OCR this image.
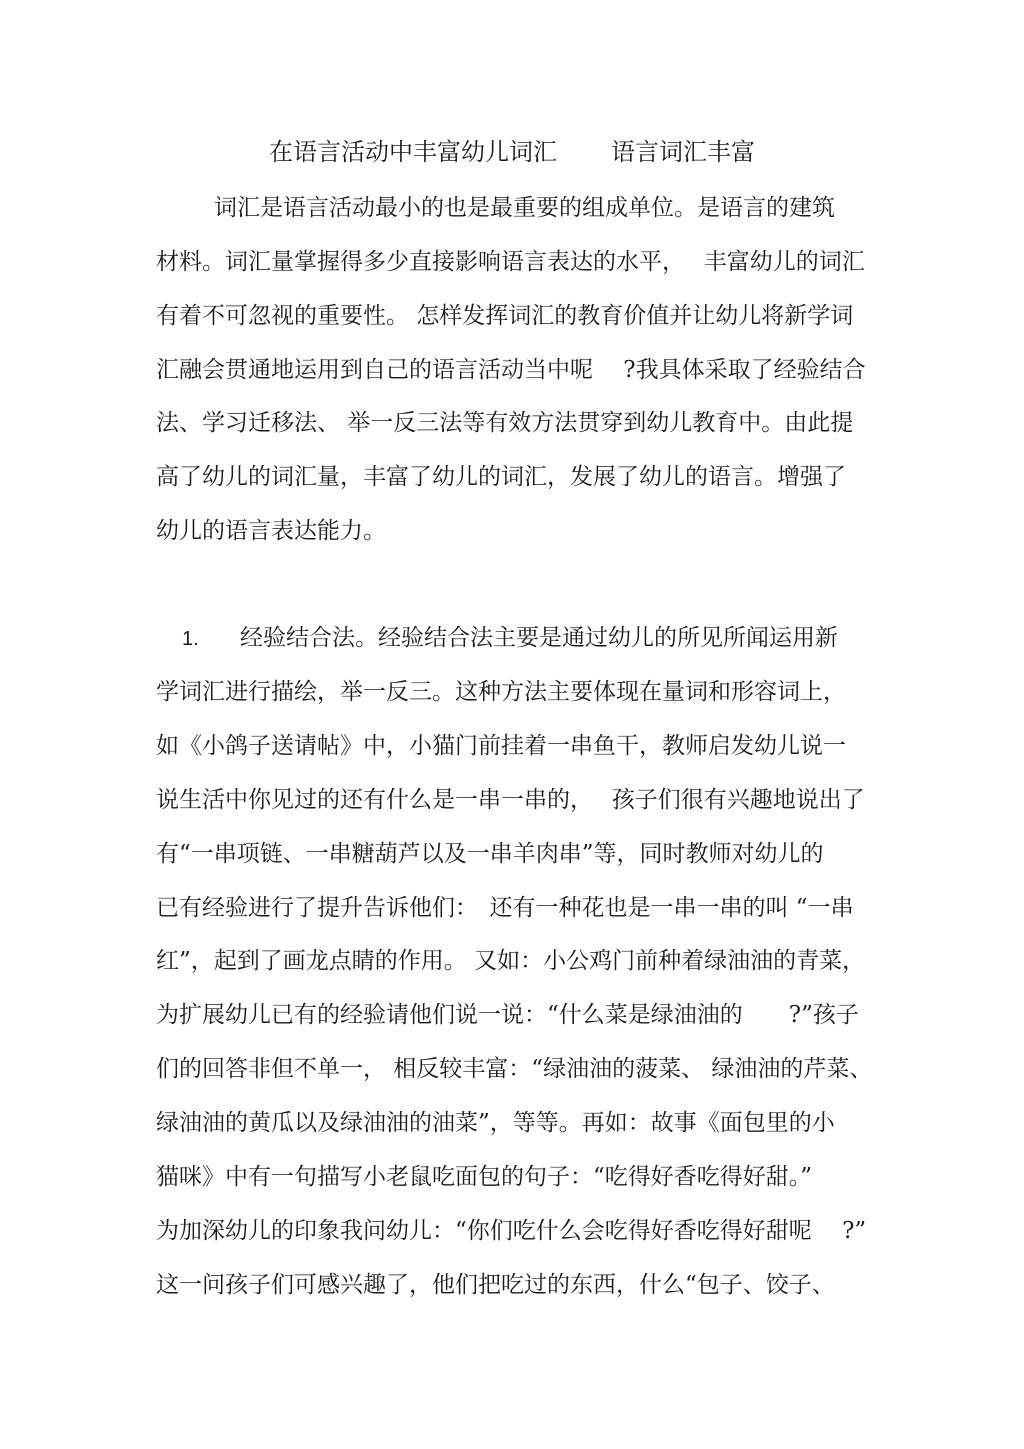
在语言活动中丰富幼儿词汇 语言词汇丰富
词汇是语言活动最小的也是最重要的组成单位。是语言的建筑
材料。词汇量掌握得多少直接影响语言表达的水平，　 丰富幼儿的词汇
有着不可忽视的重要性。 怎样发挥词汇的教育价值并让幼儿将新学词
汇融会贯通地运用到自己的语言活动当中呢　 ?我具体采取了经验结合
法、学习迁移法、 举一反三法等有效方法贯穿到幼儿教育中。由此提
高了幼儿的词汇量，丰富了幼儿的词汇，发展了幼儿的语言。增强了
幼儿的语言表达能力。
1. 经验结合法。经验结合法主要是通过幼儿的所见所闻运用新
学词汇进行描绘，举一反三。这种方法主要体现在量词和形容词上，
如《小鸽子送请帖》中，小猫门前挂着一串鱼干，教师启发幼儿说一
说生活中你见过的还有什么是一串一串的，　 孩子们很有兴趣地说出了
有“一串项链、一串糖葫芦以及一串羊肉串”等，同时教师对幼儿的
已有经验进行了提升告诉他们：　还有一种花也是一串一串的叫 “一串
红”，起到了画龙点睛的作用。 又如：小公鸡门前种着绿油油的青菜，
为扩展幼儿已有的经验请他们说一说：“什么菜是绿油油的　　?”孩子
们的回答非但不单一， 相反较丰富：“绿油油的菠菜、 绿油油的芹菜、
绿油油的黄瓜以及绿油油的油菜”，等等。再如：故事《面包里的小
猫咪》中有一句描写小老鼠吃面包的句子：“吃得好香吃得好甜。”
为加深幼儿的印象我问幼儿：“你们吃什么会吃得好香吃得好甜呢　 ?”
这一问孩子们可感兴趣了，他们把吃过的东西，什么“包子、饺子、
